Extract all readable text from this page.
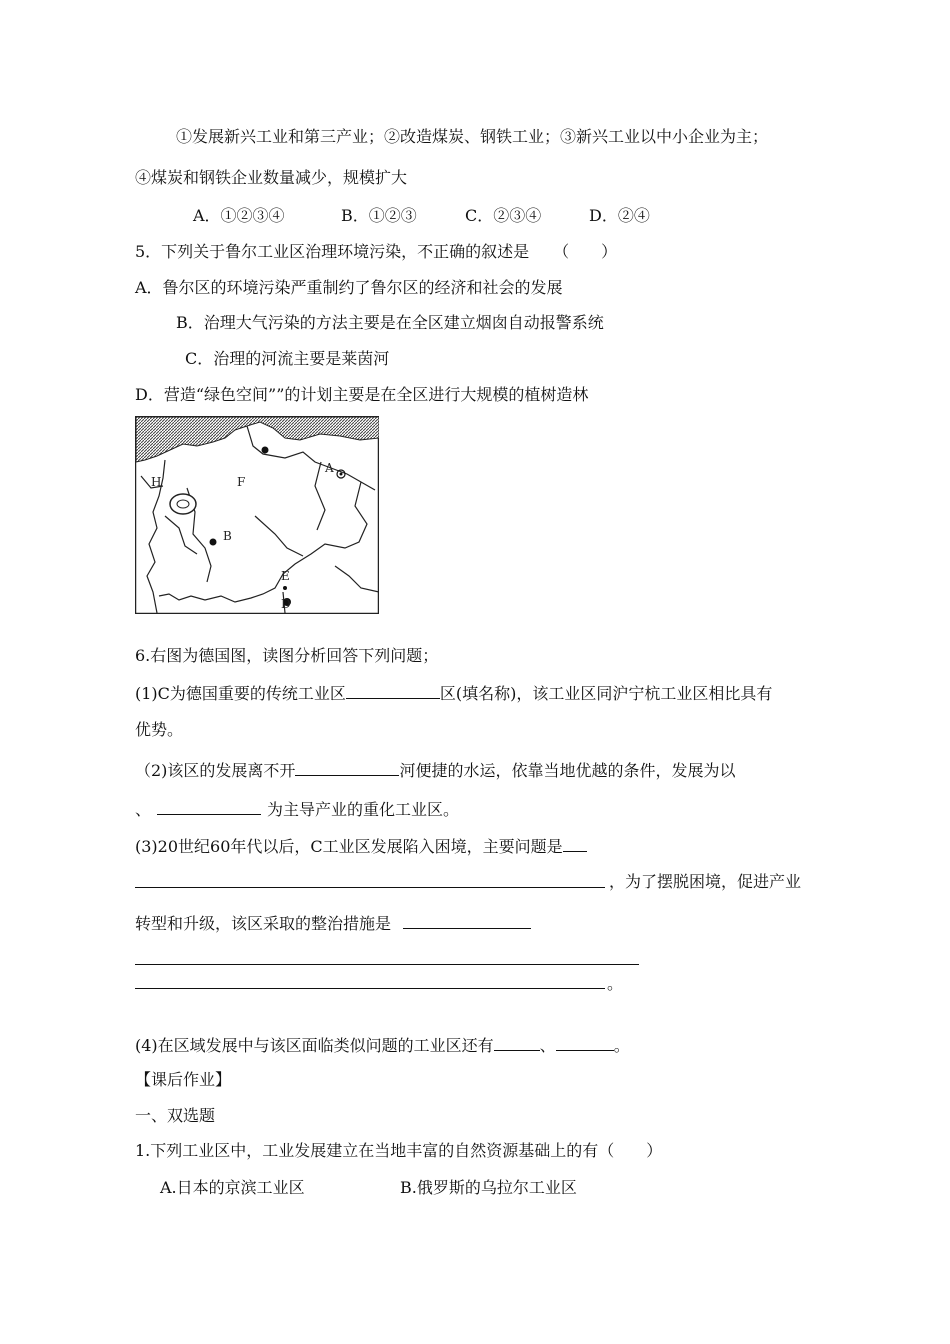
①发展新兴工业和第三产业；②改造煤炭、钢铁工业；③新兴工业以中小企业为主；
④煤炭和钢铁企业数量减少，规模扩大
A．①②③④	B．①②③	C．②③④	D．②④
5．下列关于鲁尔工业区治理环境污染，不正确的叙述是　　（　　）
A．鲁尔区的环境污染严重制约了鲁尔区的经济和社会的发展
B．治理大气污染的方法主要是在全区建立烟囱自动报警系统
C．治理的河流主要是莱茵河
D．营造“绿色空间””的计划主要是在全区进行大规模的植树造林
A
B
D
E
F
H
6.右图为德国图，读图分析回答下列问题；
(1)C为德国重要的传统工业区	区(填名称)，该工业区同沪宁杭工业区相比具有
优势。
（2)该区的发展离不开	河便捷的水运，依靠当地优越的条件，发展为以
、	为主导产业的重化工业区。
(3)20世纪60年代以后，C工业区发展陷入困境，主要问题是
，为了摆脱困境，促进产业
转型和升级，该区采取的整治措施是
。
(4)在区域发展中与该区面临类似问题的工业区还有	、	。
【课后作业】
一、双选题
1.下列工业区中，工业发展建立在当地丰富的自然资源基础上的有（　　）
A.日本的京滨工业区	B.俄罗斯的乌拉尔工业区
